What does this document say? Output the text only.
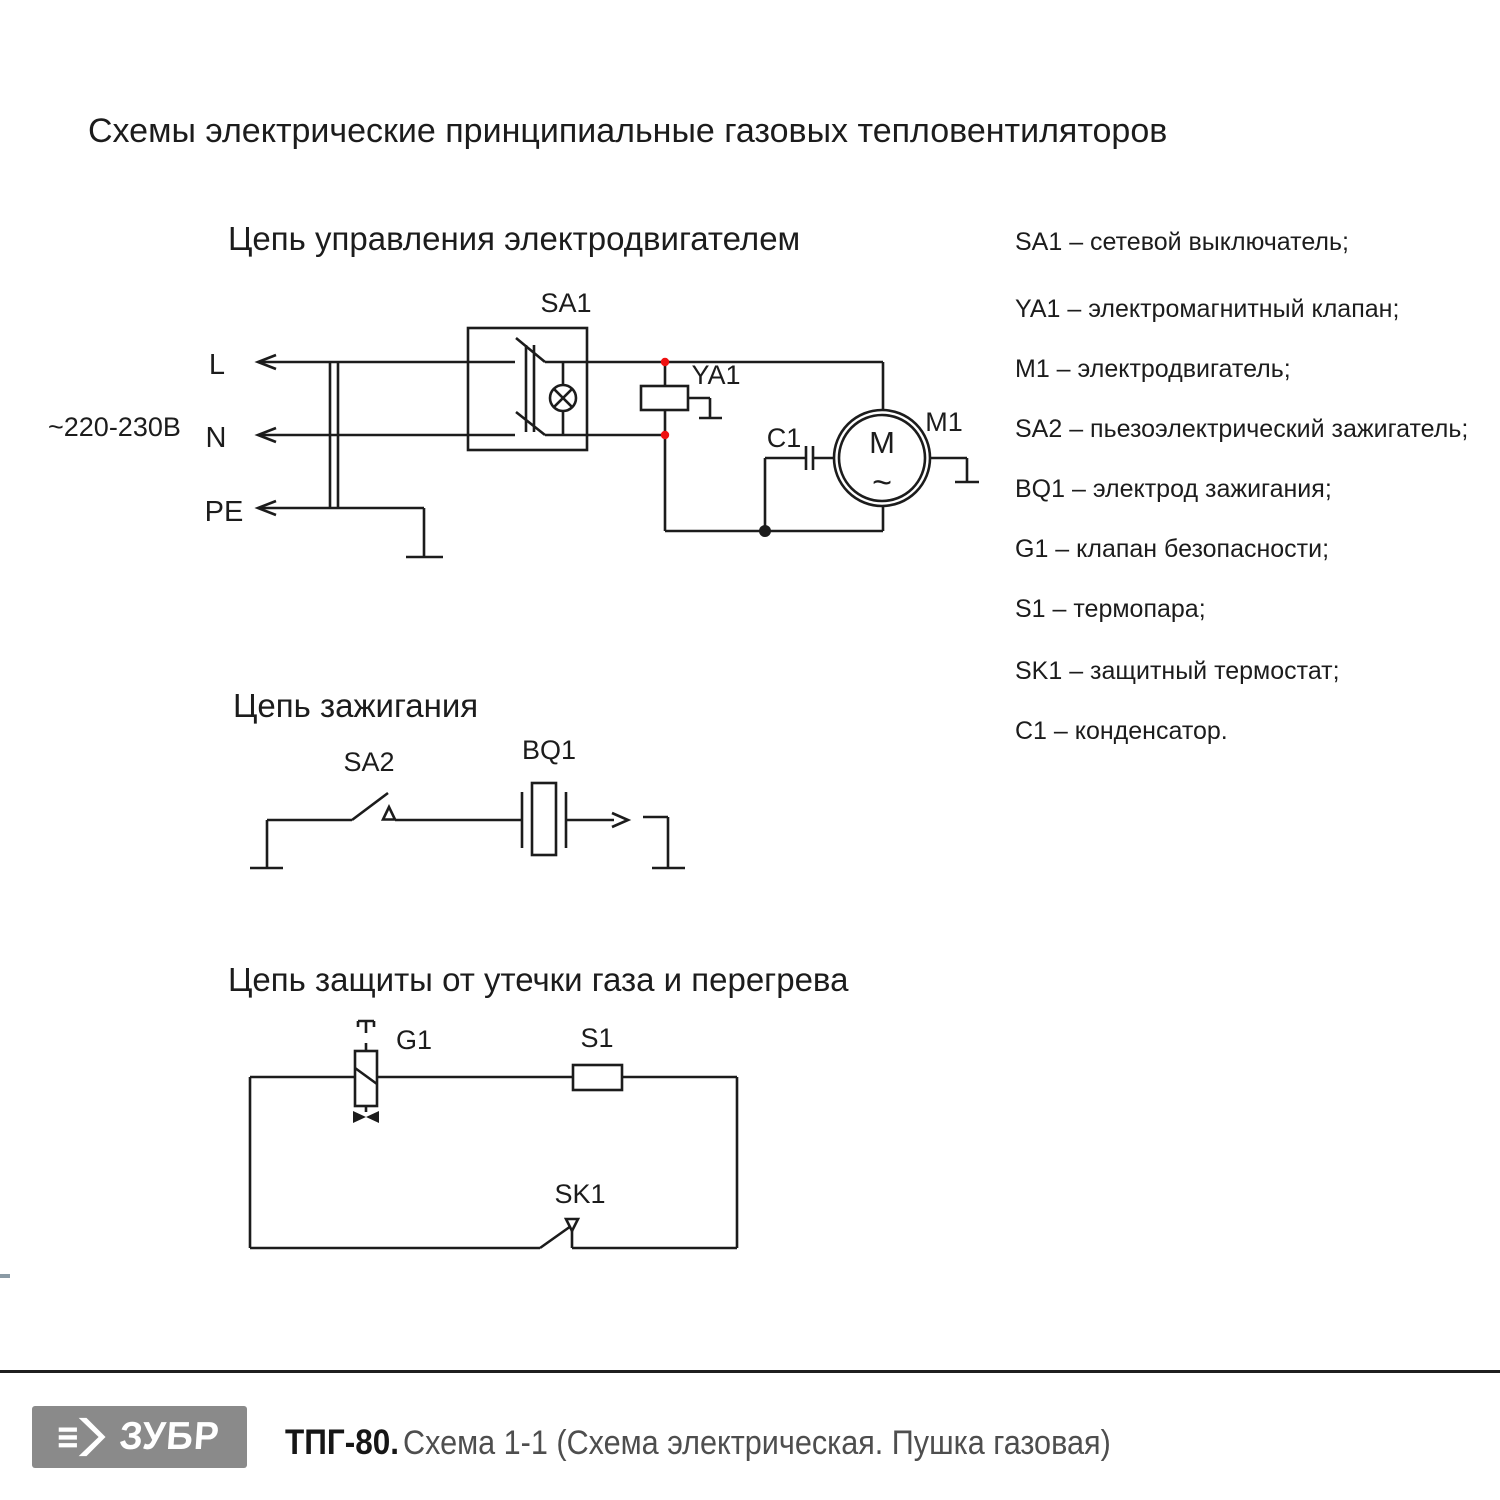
Схемы электрические принципиальные газовых тепловентиляторов
Цепь управления электродвигателем
Цепь зажигания
Цепь защиты от утечки газа и перегрева
~220-230В
L
N
PE
SA1
YA1
C1
M1
M
~
SA2	BQ1
G1	S1
SK1
SA1 – сетевой выключатель;
YA1 – электромагнитный клапан;
M1 – электродвигатель;
SA2 – пьезоэлектрический зажигатель;
BQ1 – электрод зажигания;
G1 – клапан безопасности;
S1 – термопара;
SK1 – защитный термостат;
C1 – конденсатор.
ЗУБР ТПГ-80. Схема 1-1 (Схема электрическая. Пушка газовая)
